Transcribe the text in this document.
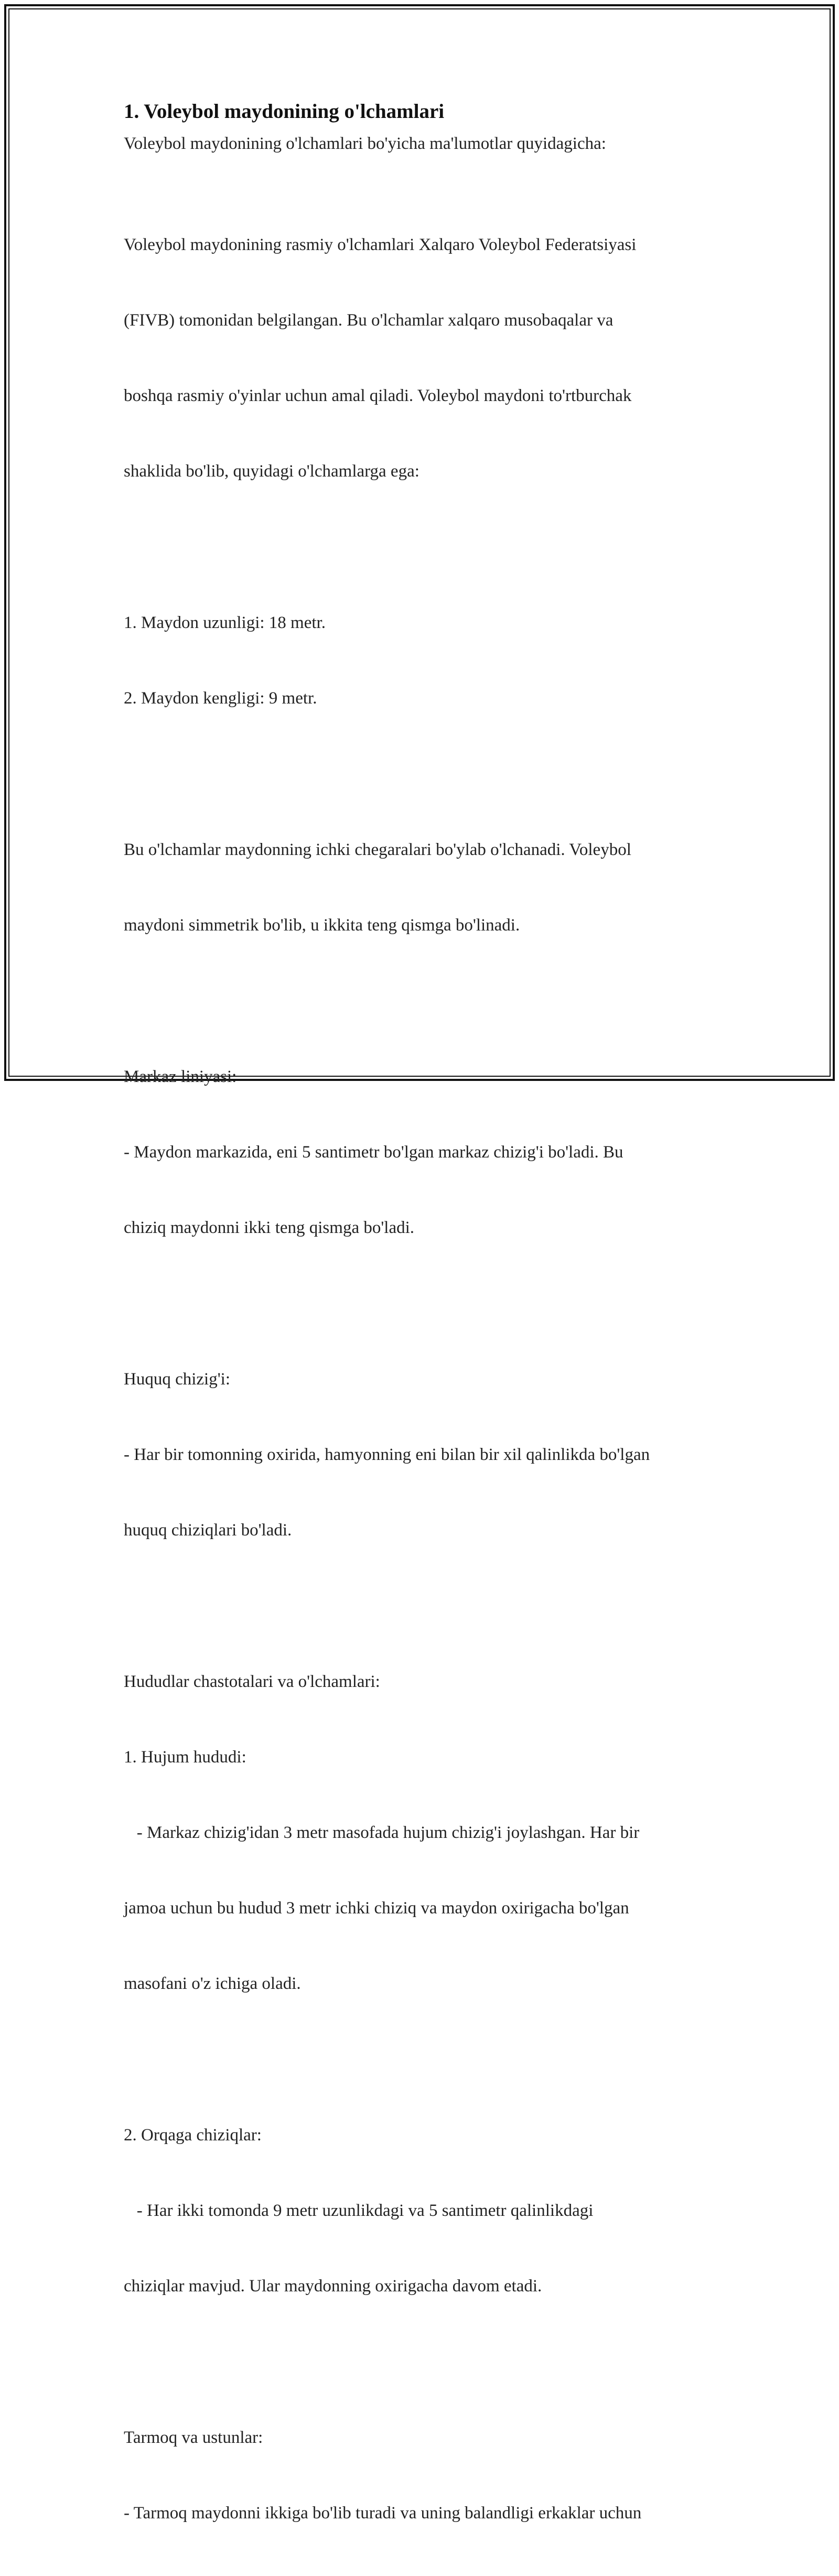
1. Voleybol maydonining o'lchamlari

Voleybol maydonining o'lchamlari bo'yicha ma'lumotlar quyidagicha:

Voleybol maydonining rasmiy o'lchamlari Xalqaro Voleybol Federatsiyasi

(FIVB) tomonidan belgilangan. Bu o'lchamlar xalqaro musobaqalar va

boshqa rasmiy o'yinlar uchun amal qiladi. Voleybol maydoni to'rtburchak

shaklida bo'lib, quyidagi o'lchamlarga ega:

1. Maydon uzunligi: 18 metr.

2. Maydon kengligi: 9 metr.

Bu o'lchamlar maydonning ichki chegaralari bo'ylab o'lchanadi. Voleybol

maydoni simmetrik bo'lib, u ikkita teng qismga bo'linadi.

Markaz liniyasi:

- Maydon markazida, eni 5 santimetr bo'lgan markaz chizig'i bo'ladi. Bu

chiziq maydonni ikki teng qismga bo'ladi.

Huquq chizig'i:

- Har bir tomonning oxirida, hamyonning eni bilan bir xil qalinlikda bo'lgan

huquq chiziqlari bo'ladi.

Hududlar chastotalari va o'lchamlari:

1. Hujum hududi:

- Markaz chizig'idan 3 metr masofada hujum chizig'i joylashgan. Har bir

jamoa uchun bu hudud 3 metr ichki chiziq va maydon oxirigacha bo'lgan

masofani o'z ichiga oladi.

2. Orqaga chiziqlar:

- Har ikki tomonda 9 metr uzunlikdagi va 5 santimetr qalinlikdagi

chiziqlar mavjud. Ular maydonning oxirigacha davom etadi.

Tarmoq va ustunlar:

- Tarmoq maydonni ikkiga bo'lib turadi va uning balandligi erkaklar uchun
